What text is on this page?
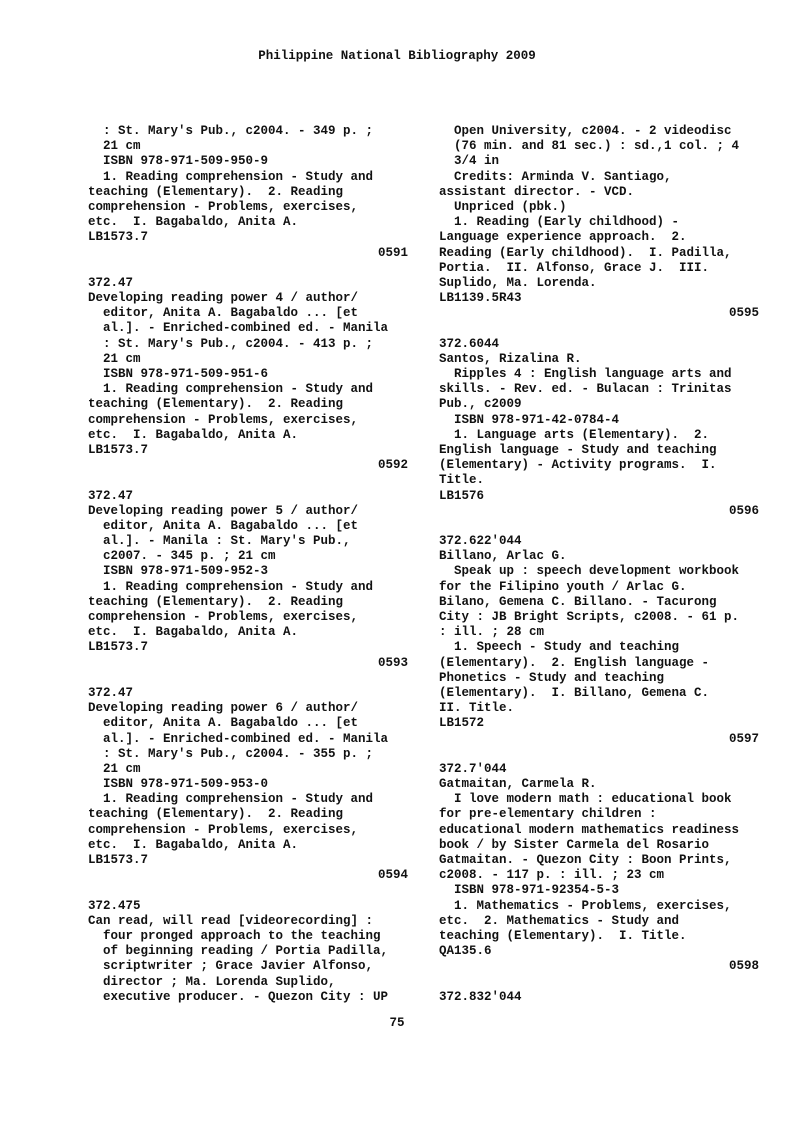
Philippine National Bibliography 2009
: St. Mary's Pub., c2004. - 349 p. ;
21 cm
ISBN 978-971-509-950-9
1. Reading comprehension - Study and
teaching (Elementary).  2. Reading
comprehension - Problems, exercises,
etc.  I. Bagabaldo, Anita A.
LB1573.7
0591
372.47
Developing reading power 4 / author/
editor, Anita A. Bagabaldo ... [et
al.]. - Enriched-combined ed. - Manila
: St. Mary's Pub., c2004. - 413 p. ;
21 cm
ISBN 978-971-509-951-6
1. Reading comprehension - Study and
teaching (Elementary).  2. Reading
comprehension - Problems, exercises,
etc.  I. Bagabaldo, Anita A.
LB1573.7
0592
372.47
Developing reading power 5 / author/
editor, Anita A. Bagabaldo ... [et
al.]. - Manila : St. Mary's Pub.,
c2007. - 345 p. ; 21 cm
ISBN 978-971-509-952-3
1. Reading comprehension - Study and
teaching (Elementary).  2. Reading
comprehension - Problems, exercises,
etc.  I. Bagabaldo, Anita A.
LB1573.7
0593
372.47
Developing reading power 6 / author/
editor, Anita A. Bagabaldo ... [et
al.]. - Enriched-combined ed. - Manila
: St. Mary's Pub., c2004. - 355 p. ;
21 cm
ISBN 978-971-509-953-0
1. Reading comprehension - Study and
teaching (Elementary).  2. Reading
comprehension - Problems, exercises,
etc.  I. Bagabaldo, Anita A.
LB1573.7
0594
372.475
Can read, will read [videorecording] :
four pronged approach to the teaching
of beginning reading / Portia Padilla,
scriptwriter ; Grace Javier Alfonso,
director ; Ma. Lorenda Suplido,
executive producer. - Quezon City : UP
Open University, c2004. - 2 videodisc
(76 min. and 81 sec.) : sd.,1 col. ; 4
3/4 in
Credits: Arminda V. Santiago,
assistant director. - VCD.
Unpriced (pbk.)
1. Reading (Early childhood) -
Language experience approach.  2.
Reading (Early childhood).  I. Padilla,
Portia.  II. Alfonso, Grace J.  III.
Suplido, Ma. Lorenda.
LB1139.5R43
0595
372.6044
Santos, Rizalina R.
Ripples 4 : English language arts and
skills. - Rev. ed. - Bulacan : Trinitas
Pub., c2009
ISBN 978-971-42-0784-4
1. Language arts (Elementary).  2.
English language - Study and teaching
(Elementary) - Activity programs.  I.
Title.
LB1576
0596
372.622'044
Billano, Arlac G.
Speak up : speech development workbook
for the Filipino youth / Arlac G.
Bilano, Gemena C. Billano. - Tacurong
City : JB Bright Scripts, c2008. - 61 p.
: ill. ; 28 cm
1. Speech - Study and teaching
(Elementary).  2. English language -
Phonetics - Study and teaching
(Elementary).  I. Billano, Gemena C.
II. Title.
LB1572
0597
372.7'044
Gatmaitan, Carmela R.
I love modern math : educational book
for pre-elementary children :
educational modern mathematics readiness
book / by Sister Carmela del Rosario
Gatmaitan. - Quezon City : Boon Prints,
c2008. - 117 p. : ill. ; 23 cm
ISBN 978-971-92354-5-3
1. Mathematics - Problems, exercises,
etc.  2. Mathematics - Study and
teaching (Elementary).  I. Title.
QA135.6
0598
372.832'044
75
